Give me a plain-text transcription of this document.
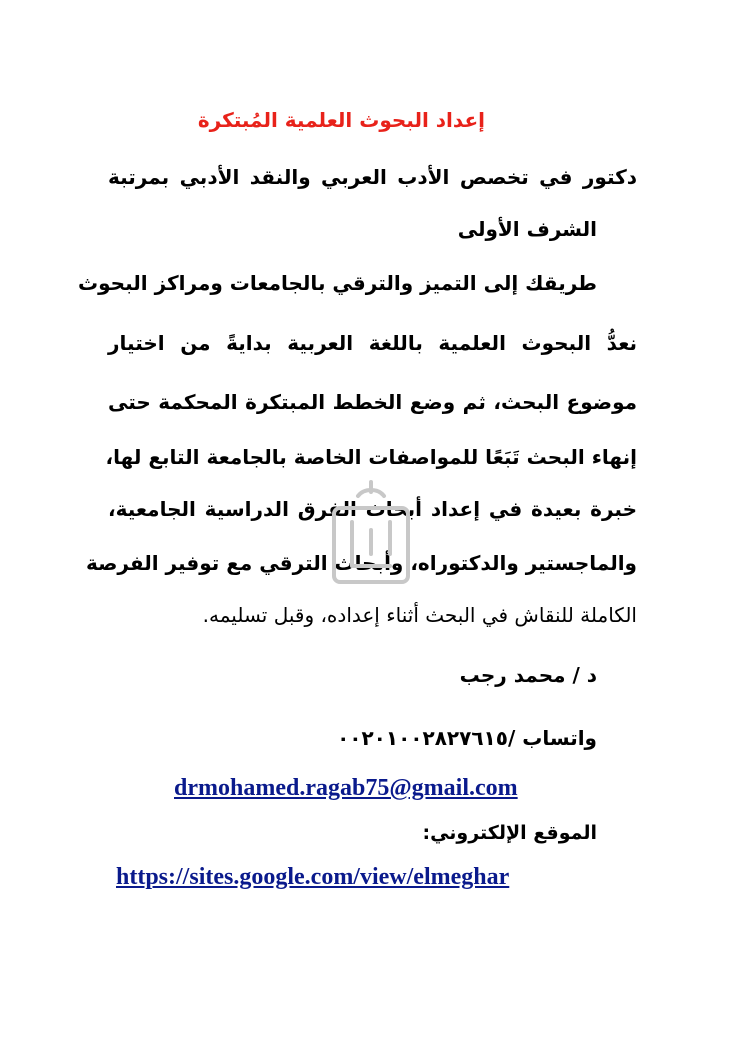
إعداد البحوث العلمية المُبتكرة
دكتور في تخصص الأدب العربي والنقد الأدبي بمرتبة
الشرف الأولى
طريقك إلى التميز والترقي بالجامعات ومراكز البحوث
نعدُّ البحوث العلمية باللغة العربية بدايةً من اختيار
موضوع البحث، ثم وضع الخطط المبتكرة المحكمة حتى
إنهاء البحث تَبَعًا للمواصفات الخاصة بالجامعة التابع لها،
خبرة بعيدة في إعداد أبحاث الفرق الدراسية الجامعية،
والماجستير والدكتوراه، وأبحاث الترقي مع توفير الفرصة
الكاملة للنقاش في البحث أثناء إعداده، وقبل تسليمه.
د / محمد رجب
واتساب /٠٠٢٠١٠٠٢٨٢٧٦١٥
drmohamed.ragab75@gmail.com
الموقع الإلكتروني:
https://sites.google.com/view/elmeghar
